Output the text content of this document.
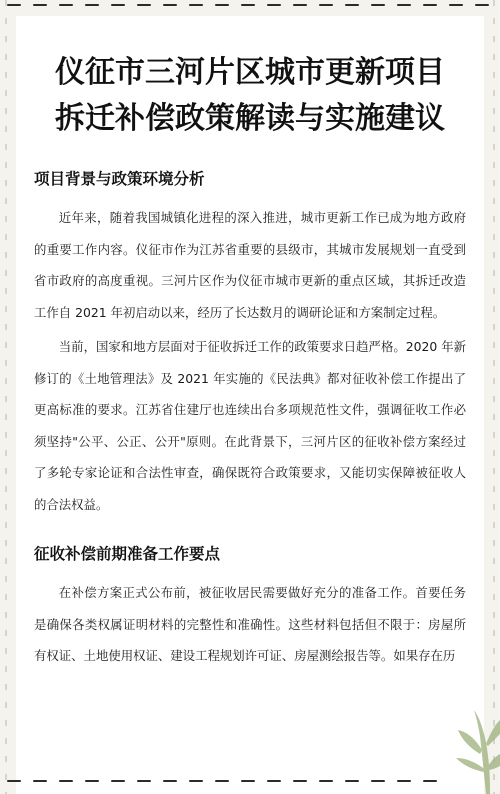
仪征市三河片区城市更新项目
拆迁补偿政策解读与实施建议
项目背景与政策环境分析

近年来，随着我国城镇化进程的深入推进，城市更新工作已成为地方政府的重要工作内容。仪征市作为江苏省重要的县级市，其城市发展规划一直受到省市政府的高度重视。三河片区作为仪征市城市更新的重点区域，其拆迁改造工作自 2021 年初启动以来，经历了长达数月的调研论证和方案制定过程。

当前，国家和地方层面对于征收拆迁工作的政策要求日趋严格。2020 年新修订的《土地管理法》及 2021 年实施的《民法典》都对征收补偿工作提出了更高标准的要求。江苏省住建厅也连续出台多项规范性文件，强调征收工作必须坚持"公平、公正、公开"原则。在此背景下，三河片区的征收补偿方案经过了多轮专家论证和合法性审查，确保既符合政策要求，又能切实保障被征收人的合法权益。

征收补偿前期准备工作要点

在补偿方案正式公布前，被征收居民需要做好充分的准备工作。首要任务是确保各类权属证明材料的完整性和准确性。这些材料包括但不限于：房屋所有权证、土地使用权证、建设工程规划许可证、房屋测绘报告等。如果存在历
